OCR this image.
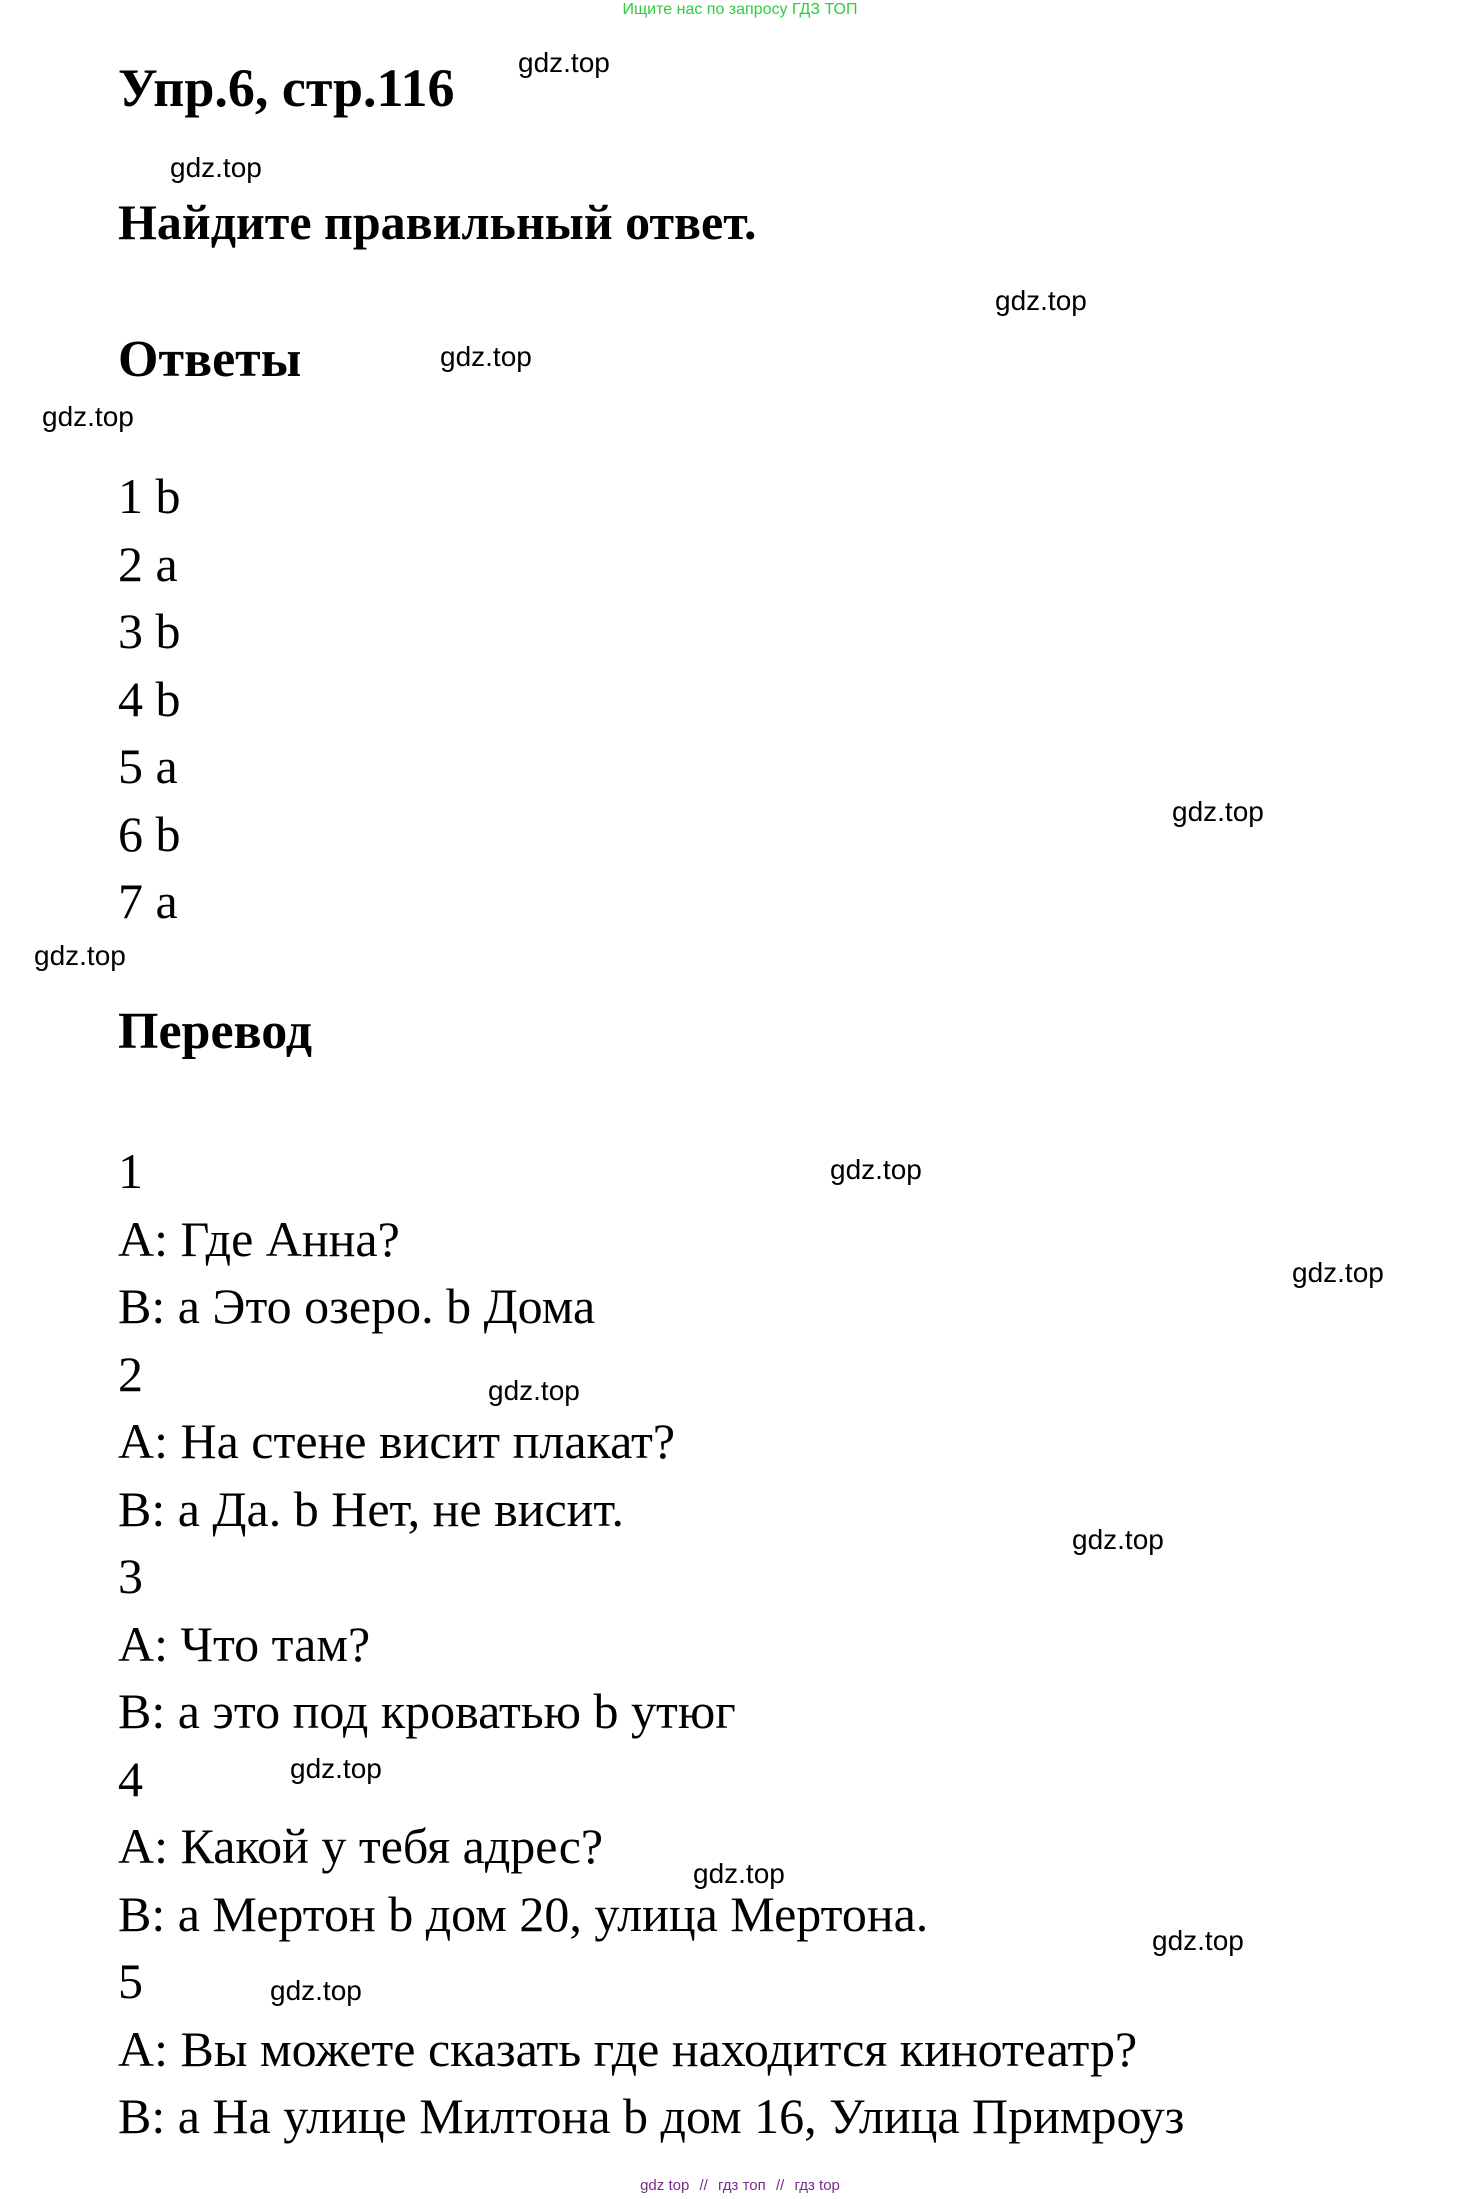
Ищите нас по запросу ГДЗ ТОП
Упр.6, стр.116
Найдите правильный ответ.
Ответы
1 b
2 a
3 b
4 b
5 a
6 b
7 a
Перевод
1
A: Где Анна?
B: a Это озеро. b Дома
2
A: На стене висит плакат?
B: a Да. b Нет, не висит.
3
A: Что там?
B: a это под кроватью b утюг
4
A: Какой у тебя адрес?
B: a Мертон b дом 20, улица Мертона.
5
A: Вы можете сказать где находится кинотеатр?
B: a На улице Милтона b дом 16, Улица Примроуз
gdz.top
gdz.top
gdz.top
gdz.top
gdz.top
gdz.top
gdz.top
gdz.top
gdz.top
gdz.top
gdz.top
gdz.top
gdz.top
gdz.top
gdz.top
gdz top // гдз топ // гдз top
